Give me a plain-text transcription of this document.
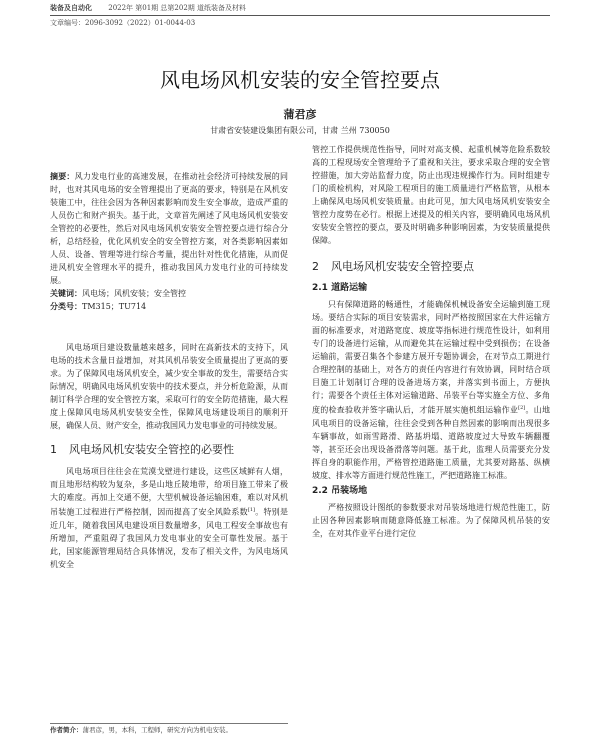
装备及自动化 2022年 第01期 总第202期 道纸装备及材料
文章编号：2096-3092（2022）01-0044-03
风电场风机安装的安全管控要点
蒲君彦
甘肃省安装建设集团有限公司，甘肃 兰州 730050

摘要：风力发电行业的高速发展，在推动社会经济可持续发展的同时，也对其风电场的安全管理提出了更高的要求，特别是在风机安装施工中，往往会因为各种因素影响而发生安全事故，造成严重的人员伤亡和财产损失。基于此，文章首先阐述了风电场风机安装安全管控的必要性，然后对风电场风机安装安全管控要点进行综合分析，总结经验，优化风机安全的安全管控方案，对各类影响因素如人员、设备、管理等进行综合考量，提出针对性优化措施，从而促进风机安全管理水平的提升，推动我国风力发电行业的可持续发展。

关键词：风电场；风机安装；安全管控

分类号：TM315；TU714

风电场项目建设数量越来越多，同时在高新技术的支持下，风电场的技术含量日益增加，对其风机吊装安全质量提出了更高的要求。为了保障风电场风机安全，减少安全事故的发生，需要结合实际情况，明确风电场风机安装中的技术要点，并分析危险源，从而制订科学合理的安全管控方案，采取可行的安全防范措施，最大程度上保障风电场风机安装安全性，保障风电场建设项目的顺利开展，确保人员、财产安全，推动我国风力发电事业的可持续发展。

1 风电场风机安装安全管控的必要性

风电场项目往往会在荒漠戈壁进行建设，这些区域鲜有人烟，而且地形结构较为复杂，多是山地丘陵地带，给项目施工带来了极大的难度。再加上交通不便，大型机械设备运输困难，难以对风机吊装施工过程进行严格控制，因而提高了安全风险系数[1]。特别是近几年，随着我国风电建设项目数量增多，风电工程安全事故也有所增加，严重阻碍了我国风力发电事业的安全可靠性发展。基于此，国家能源管理局结合具体情况，发布了相关文件，为风电场风机安全

管控工作提供规范性指导，同时对高支模、起重机械等危险系数较高的工程现场安全管理给予了重视和关注，要求采取合理的安全管控措施，加大旁站监督力度，防止出现违规操作行为。同时组建专门的质检机构，对风险工程项目的施工质量进行严格监管，从根本上确保风电场风机安装质量。由此可见，加大风电场风机安装安全管控力度势在必行。根据上述提及的相关内容，要明确风电场风机安装安全管控的要点，要及时明确多种影响因素，为安装质量提供保障。

2 风电场风机安装安全管控要点
2.1 道路运输

只有保障道路的畅通性，才能确保机械设备安全运输到施工现场。要结合实际的项目安装需求，同时严格按照国家在大件运输方面的标准要求，对道路宽度、坡度等指标进行规范性设计，如利用专门的设备进行运输，从而避免其在运输过程中受到损伤；在设备运输前，需要召集各个参建方展开专题协调会，在对节点工期进行合理控制的基础上，对各方的责任内容进行有效协调，同时结合项目施工计划制订合理的设备进场方案，并落实到书面上，方便执行；需要各个责任主体对运输道路、吊装平台等实施全方位、多角度的检查验收并签字确认后，才能开展实施机组运输作业[2]。山地风电项目的设备运输，往往会受到各种自然因素的影响而出现很多车辆事故，如雨雪路滑、路基坍塌、道路坡度过大导致车辆翻覆等，甚至还会出现设备滑落等问题。基于此，监理人员需要充分发挥自身的职能作用，严格管控道路施工质量，尤其要对路基、纵横坡度、排水等方面进行规范性施工，严把道路施工标准。

2.2 吊装场地

严格按照设计图纸的参数要求对吊装场地进行规范性施工，防止因各种因素影响而随意降低施工标准。为了保障风机吊装的安全，在对其作业平台进行定位

作者简介：蒲君彦，男，本科，工程师，研究方向为机电安装。
